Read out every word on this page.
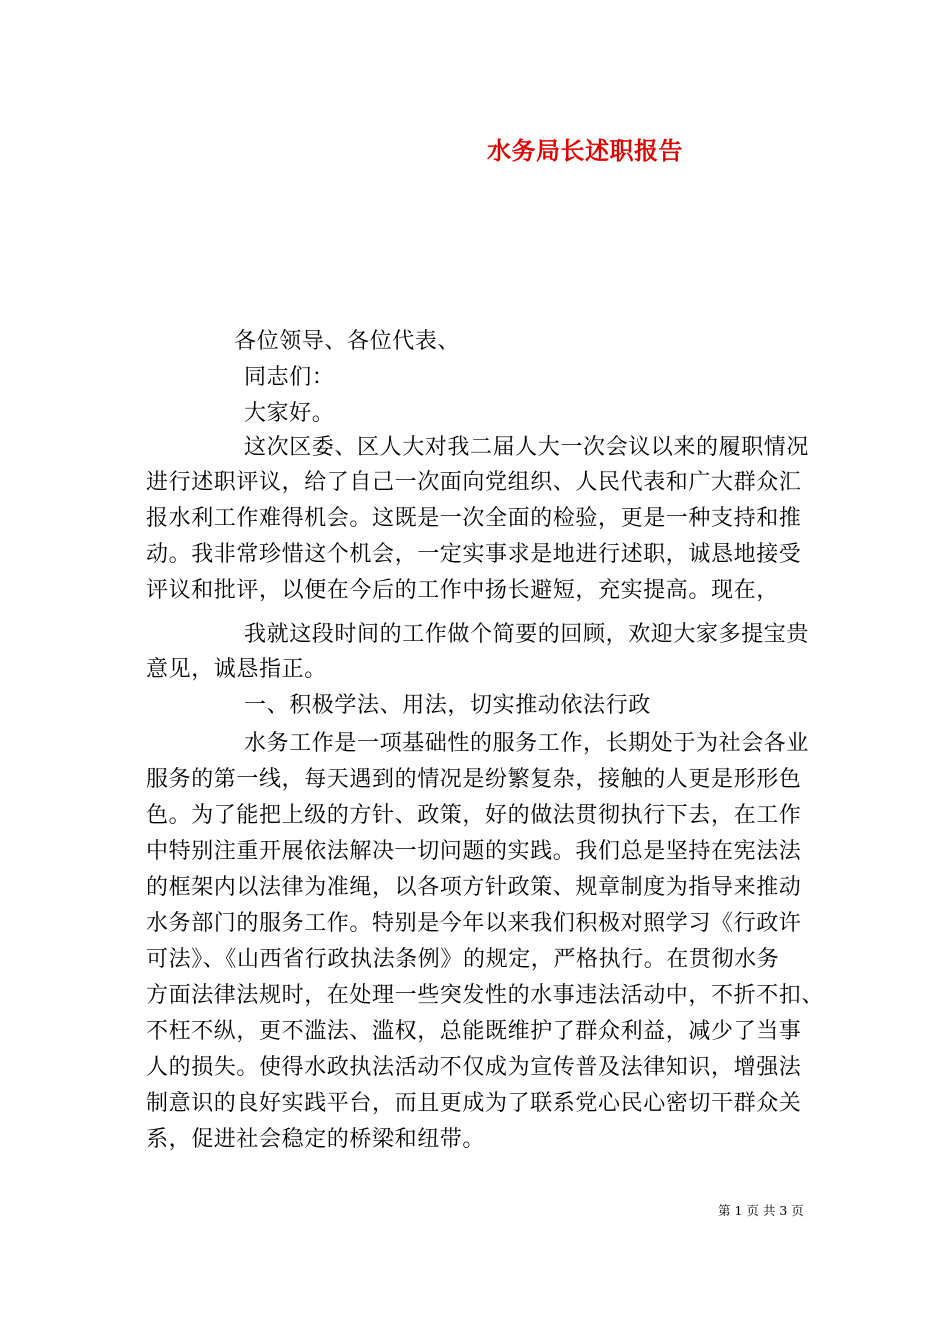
水务局长述职报告
各位领导、各位代表、
同志们：
大家好。
这次区委、区人大对我二届人大一次会议以来的履职情况
进行述职评议，给了自己一次面向党组织、人民代表和广大群众汇
报水利工作难得机会。这既是一次全面的检验，更是一种支持和推
动。我非常珍惜这个机会，一定实事求是地进行述职，诚恳地接受
评议和批评，以便在今后的工作中扬长避短，充实提高。现在，
我就这段时间的工作做个简要的回顾，欢迎大家多提宝贵
意见，诚恳指正。
一、积极学法、用法，切实推动依法行政
水务工作是一项基础性的服务工作，长期处于为社会各业
服务的第一线，每天遇到的情况是纷繁复杂，接触的人更是形形色
色。为了能把上级的方针、政策，好的做法贯彻执行下去，在工作
中特别注重开展依法解决一切问题的实践。我们总是坚持在宪法法
的框架内以法律为准绳，以各项方针政策、规章制度为指导来推动
水务部门的服务工作。特别是今年以来我们积极对照学习《行政许
可法》、《山西省行政执法条例》的规定，严格执行。在贯彻水务
方面法律法规时，在处理一些突发性的水事违法活动中，不折不扣、
不枉不纵，更不滥法、滥权，总能既维护了群众利益，减少了当事
人的损失。使得水政执法活动不仅成为宣传普及法律知识，增强法
制意识的良好实践平台，而且更成为了联系党心民心密切干群众关
系，促进社会稳定的桥梁和纽带。
第 1 页 共 3 页
